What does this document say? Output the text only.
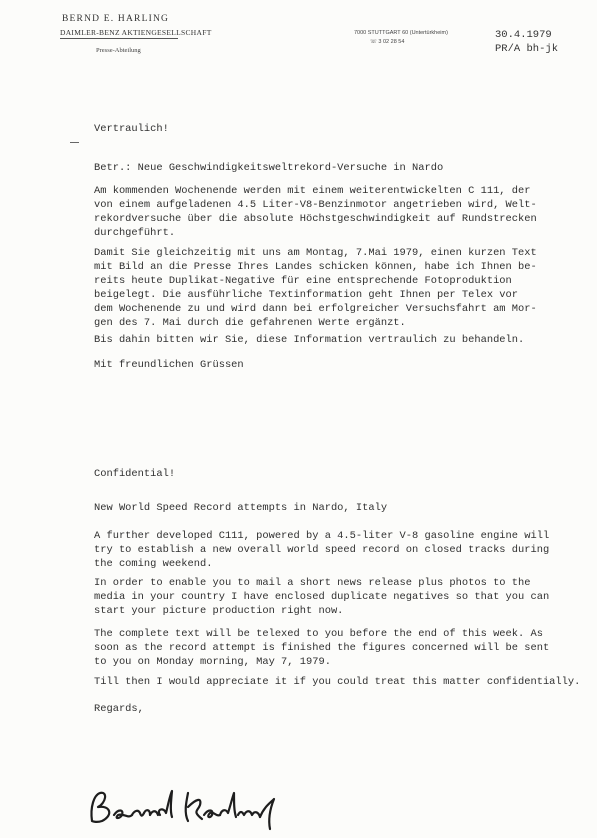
BERND E. HARLING
DAIMLER-BENZ AKTIENGESELLSCHAFT
Presse-Abteilung
7000 STUTTGART 60 (Untertürkheim)
☏ 3 02 28 54
30.4.1979
PR/A bh-jk

Vertraulich!

Betr.: Neue Geschwindigkeitsweltrekord-Versuche in Nardo

Am kommenden Wochenende werden mit einem weiterentwickelten C 111, der
von einem aufgeladenen 4.5 Liter-V8-Benzinmotor angetrieben wird, Welt-
rekordversuche über die absolute Höchstgeschwindigkeit auf Rundstrecken
durchgeführt.

Damit Sie gleichzeitig mit uns am Montag, 7.Mai 1979, einen kurzen Text
mit Bild an die Presse Ihres Landes schicken können, habe ich Ihnen be-
reits heute Duplikat-Negative für eine entsprechende Fotoproduktion
beigelegt. Die ausführliche Textinformation geht Ihnen per Telex vor
dem Wochenende zu und wird dann bei erfolgreicher Versuchsfahrt am Mor-
gen des 7. Mai durch die gefahrenen Werte ergänzt.

Bis dahin bitten wir Sie, diese Information vertraulich zu behandeln.

Mit freundlichen Grüssen

Confidential!

New World Speed Record attempts in Nardo, Italy

A further developed C111, powered by a 4.5-liter V-8 gasoline engine will
try to establish a new overall world speed record on closed tracks during
the coming weekend.

In order to enable you to mail a short news release plus photos to the
media in your country I have enclosed duplicate negatives so that you can
start your picture production right now.

The complete text will be telexed to you before the end of this week. As
soon as the record attempt is finished the figures concerned will be sent
to you on Monday morning, May 7, 1979.

Till then I would appreciate it if you could treat this matter confidentially.

Regards,
